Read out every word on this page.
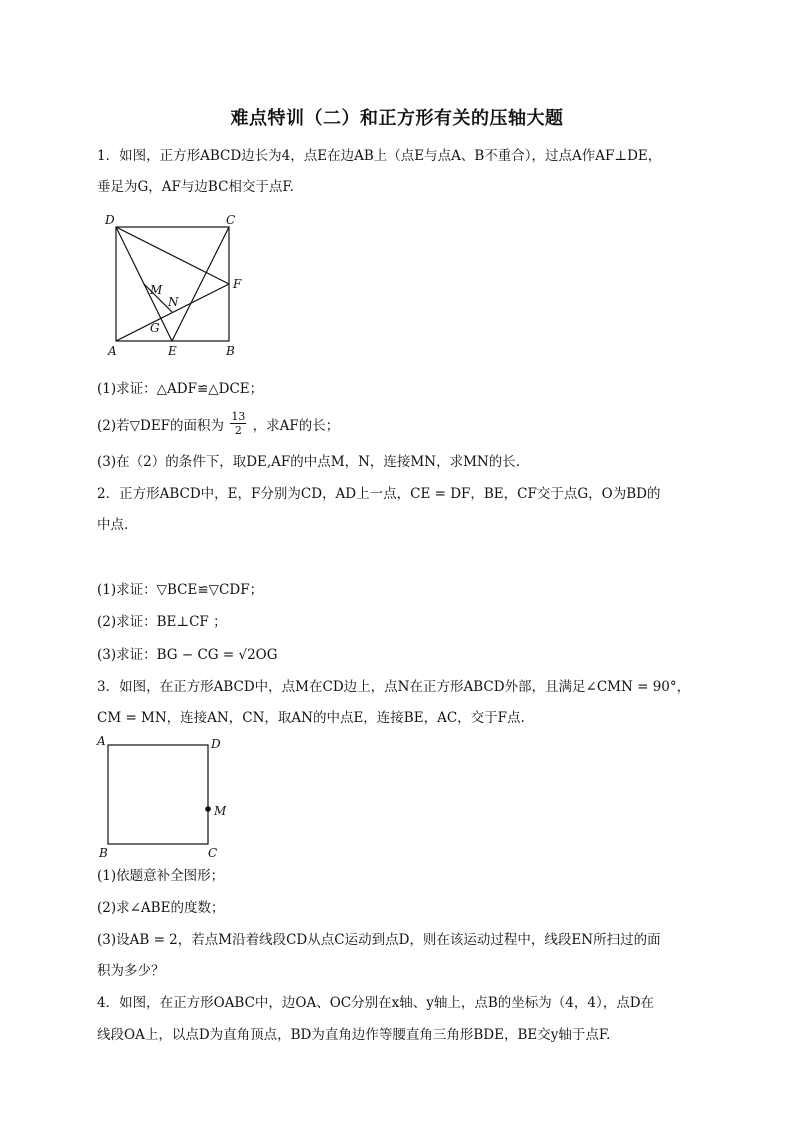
难点特训（二）和正方形有关的压轴大题
1．如图，正方形ABCD边长为4，点E在边AB上（点E与点A、B不重合），过点A作AF⊥DE，
垂足为G，AF与边BC相交于点F.
D	C
F
M
N
G
A	E	B
(1)求证：△ADF≌△DCE；
(2)若▽DEF的面积为 $\frac{13}{2}$ ，求AF的长；
(3)在（2）的条件下，取DE,AF的中点M，N，连接MN，求MN的长.
2．正方形ABCD中，E，F分别为CD，AD上一点，CE = DF，BE，CF交于点G，O为BD的
中点.
(1)求证：▽BCE≌▽CDF；
(2)求证：BE⊥CF ；
(3)求证：BG − CG = √2OG
3．如图，在正方形ABCD中，点M在CD边上，点N在正方形ABCD外部，且满足∠CMN = 90°，
CM = MN，连接AN，CN，取AN的中点E，连接BE，AC，交于F点.
A	D
M
B	C
(1)依题意补全图形；
(2)求∠ABE的度数；
(3)设AB = 2，若点M沿着线段CD从点C运动到点D，则在该运动过程中，线段EN所扫过的面
积为多少？
4．如图，在正方形OABC中，边OA、OC分别在x轴、y轴上，点B的坐标为（4，4），点D在
线段OA上，以点D为直角顶点，BD为直角边作等腰直角三角形BDE，BE交y轴于点F.
